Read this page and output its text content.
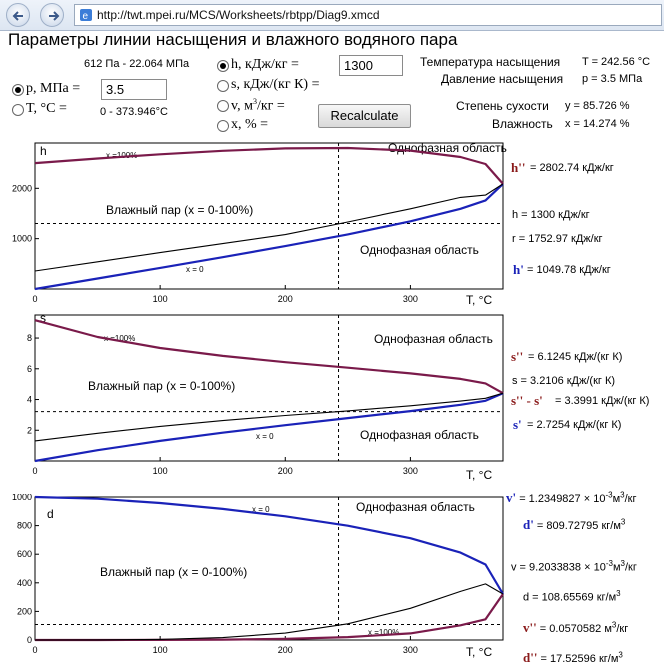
e http://twt.mpei.ru/MCS/Worksheets/rbtpp/Diag9.xmcd
Параметры линии насыщения и влажного водяного пара
612 Па - 22.064 МПа
p, МПа =	3.5
T, °C =	0 - 373.946°C
h, кДж/кг =	1300
s, кДж/(кг К) =
v, $м^3/кг$ =
x, % =
Recalculate
Температура насыщения T = 242.56 °C
Давление насыщения p = 3.5 МПа
Степень сухости y = 85.726 %
Влажность x = 14.274 %
h	Однофазная область
Однофазная область
Влажный пар (x = 0-100%)
x =100%
x = 0
T, °C
0	100	200	300
1000
2000
s
Однофазная область
Однофазная область
Влажный пар (x = 0-100%)
x =100%
x = 0
T, °C
0	100	200	300
2
4
6
8
d	Однофазная область
Влажный пар (x = 0-100%)
x = 0
x =100%
T, °C
0	100	200	300
0
200
400
600
800
1000
h'' = 2802.74 кДж/кг
h = 1300 кДж/кг
r = 1752.97 кДж/кг
h' = 1049.78 кДж/кг
s'' = 6.1245 кДж/(кг К)
s = 3.2106 кДж/(кг К)
s'' - s' = 3.3991 кДж/(кг К)
s' = 2.7254 кДж/(кг К)
$v' = 1.2349827 \times 10^{-3}м^3/кг$
d' = 809.72795 $кг/м^3$
$v = 9.2033838 \times 10^{-3}м^3/кг$
d = 108.65569 $кг/м^3$
v'' = 0.0570582 $м^3/кг$
d'' = 17.52596 $кг/м^3$
